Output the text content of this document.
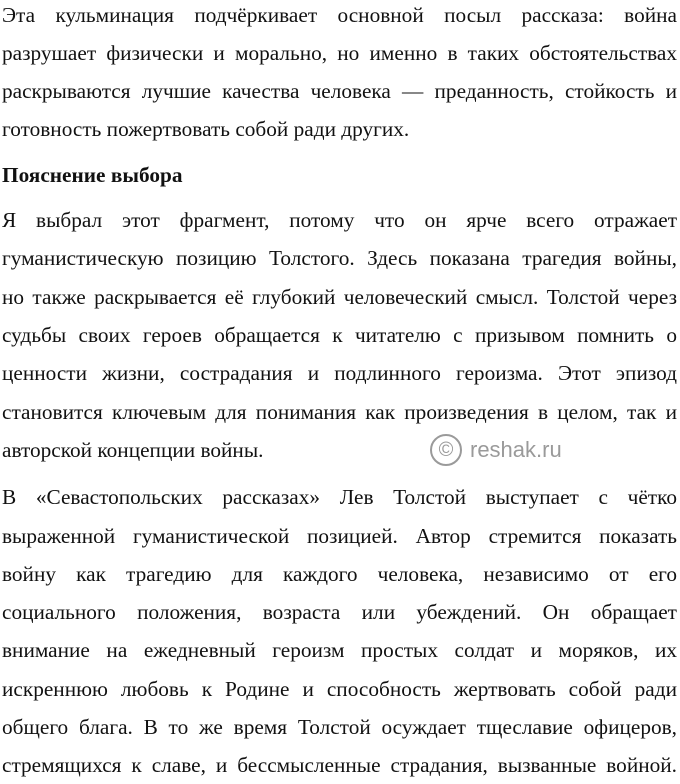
Эта кульминация подчёркивает основной посыл рассказа: война
разрушает физически и морально, но именно в таких обстоятельствах
раскрываются лучшие качества человека — преданность, стойкость и
готовность пожертвовать собой ради других.
Пояснение выбора
Я выбрал этот фрагмент, потому что он ярче всего отражает
гуманистическую позицию Толстого. Здесь показана трагедия войны,
но также раскрывается её глубокий человеческий смысл. Толстой через
судьбы своих героев обращается к читателю с призывом помнить о
ценности жизни, сострадания и подлинного героизма. Этот эпизод
становится ключевым для понимания как произведения в целом, так и
авторской концепции войны.
В «Севастопольских рассказах» Лев Толстой выступает с чётко
выраженной гуманистической позицией. Автор стремится показать
войну как трагедию для каждого человека, независимо от его
социального положения, возраста или убеждений. Он обращает
внимание на ежедневный героизм простых солдат и моряков, их
искреннюю любовь к Родине и способность жертвовать собой ради
общего блага. В то же время Толстой осуждает тщеславие офицеров,
стремящихся к славе, и бессмысленные страдания, вызванные войной.
© reshak.ru
